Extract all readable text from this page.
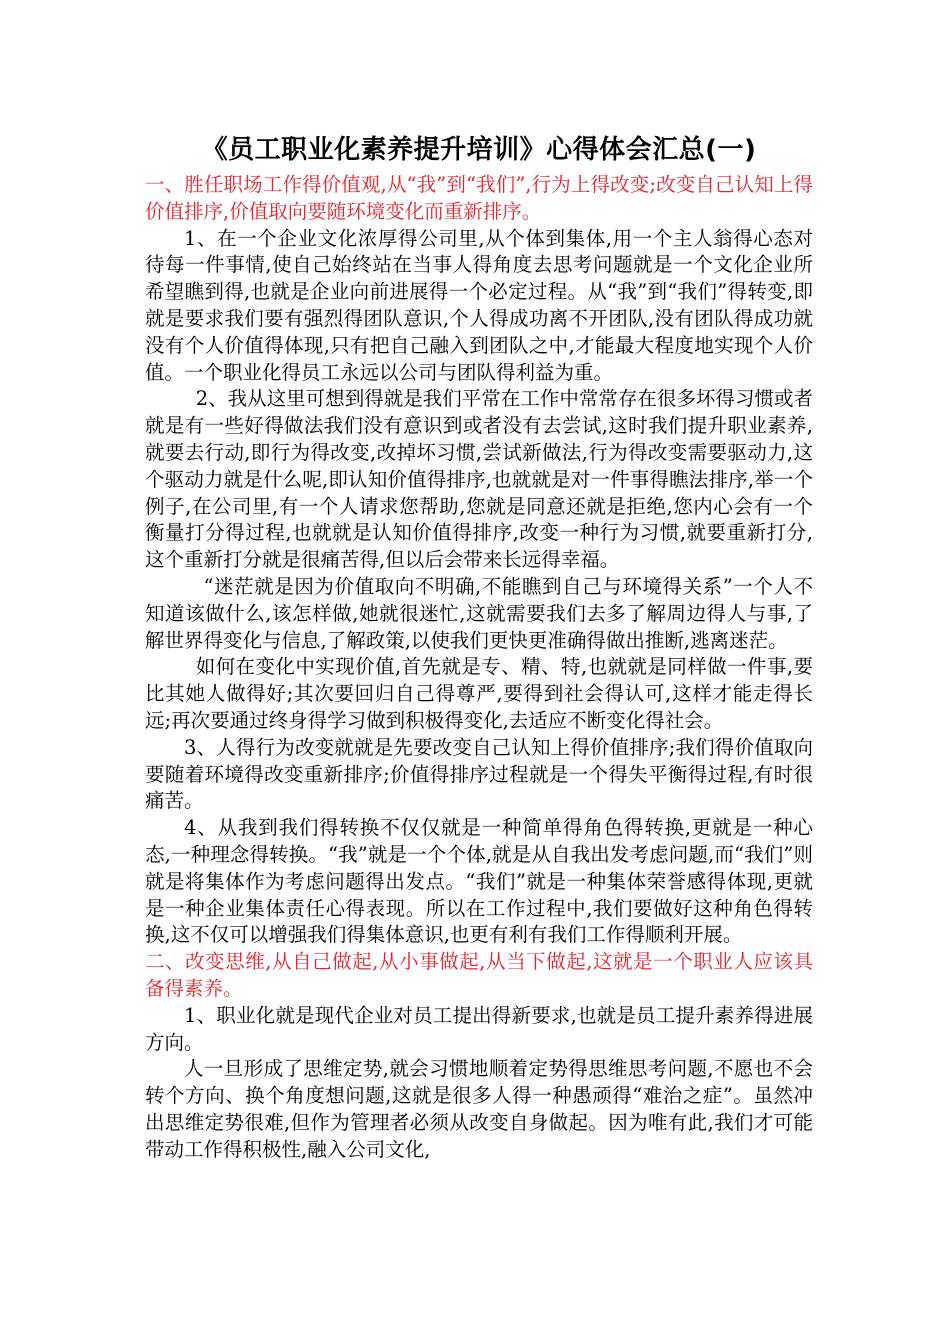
《员工职业化素养提升培训》心得体会汇总(一)

一、胜任职场工作得价值观,从“我”到“我们”,行为上得改变;改变自己认知上得价值排序,价值取向要随环境变化而重新排序。

1、在一个企业文化浓厚得公司里,从个体到集体,用一个主人翁得心态对待每一件事情,使自己始终站在当事人得角度去思考问题就是一个文化企业所希望瞧到得,也就是企业向前进展得一个必定过程。从“我”到“我们”得转变,即就是要求我们要有强烈得团队意识,个人得成功离不开团队,没有团队得成功就没有个人价值得体现,只有把自己融入到团队之中,才能最大程度地实现个人价值。一个职业化得员工永远以公司与团队得利益为重。

2、我从这里可想到得就是我们平常在工作中常常存在很多坏得习惯或者就是有一些好得做法我们没有意识到或者没有去尝试,这时我们提升职业素养,就要去行动,即行为得改变,改掉坏习惯,尝试新做法,行为得改变需要驱动力,这个驱动力就是什么呢,即认知价值得排序,也就就是对一件事得瞧法排序,举一个例子,在公司里,有一个人请求您帮助,您就是同意还就是拒绝,您内心会有一个衡量打分得过程,也就就是认知价值得排序,改变一种行为习惯,就要重新打分,这个重新打分就是很痛苦得,但以后会带来长远得幸福。

“迷茫就是因为价值取向不明确,不能瞧到自己与环境得关系”一个人不知道该做什么,该怎样做,她就很迷忙,这就需要我们去多了解周边得人与事,了解世界得变化与信息,了解政策,以使我们更快更准确得做出推断,逃离迷茫。

如何在变化中实现价值,首先就是专、精、特,也就就是同样做一件事,要比其她人做得好;其次要回归自己得尊严,要得到社会得认可,这样才能走得长远;再次要通过终身得学习做到积极得变化,去适应不断变化得社会。

3、人得行为改变就就是先要改变自己认知上得价值排序;我们得价值取向要随着环境得改变重新排序;价值得排序过程就是一个得失平衡得过程,有时很痛苦。

4、从我到我们得转换不仅仅就是一种简单得角色得转换,更就是一种心态,一种理念得转换。“我”就是一个个体,就是从自我出发考虑问题,而“我们”则就是将集体作为考虑问题得出发点。“我们”就是一种集体荣誉感得体现,更就是一种企业集体责任心得表现。所以在工作过程中,我们要做好这种角色得转换,这不仅可以增强我们得集体意识,也更有利有我们工作得顺利开展。

二、改变思维,从自己做起,从小事做起,从当下做起,这就是一个职业人应该具备得素养。

1、职业化就是现代企业对员工提出得新要求,也就是员工提升素养得进展方向。

人一旦形成了思维定势,就会习惯地顺着定势得思维思考问题,不愿也不会转个方向、换个角度想问题,这就是很多人得一种愚顽得“难治之症”。虽然冲出思维定势很难,但作为管理者必须从改变自身做起。因为唯有此,我们才可能带动工作得积极性,融入公司文化,
